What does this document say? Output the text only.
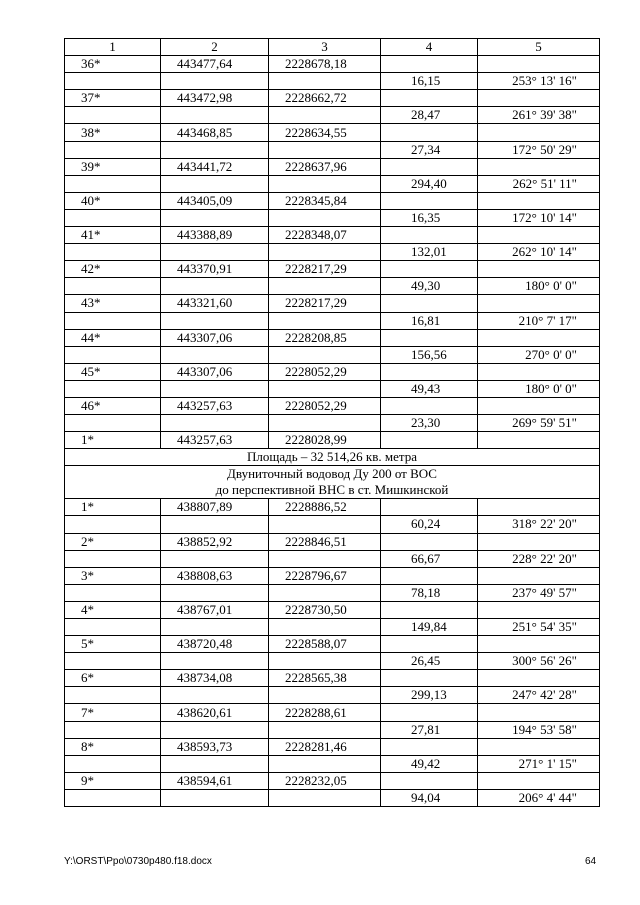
1	2	3	4	5
36*	443477,64	2228678,18		
			16,15	253° 13' 16"
37*	443472,98	2228662,72		
			28,47	261° 39' 38"
38*	443468,85	2228634,55		
			27,34	172° 50' 29"
39*	443441,72	2228637,96		
			294,40	262° 51' 11"
40*	443405,09	2228345,84		
			16,35	172° 10' 14"
41*	443388,89	2228348,07		
			132,01	262° 10' 14"
42*	443370,91	2228217,29		
			49,30	180° 0' 0"
43*	443321,60	2228217,29		
			16,81	210° 7' 17"
44*	443307,06	2228208,85		
			156,56	270° 0' 0"
45*	443307,06	2228052,29		
			49,43	180° 0' 0"
46*	443257,63	2228052,29		
			23,30	269° 59' 51"
1*	443257,63	2228028,99		

Площадь – 32 514,26 кв. метра				

Двуниточный водовод Ду 200 от ВОС
до перспективной ВНС в ст. Мишкинской				

1*	438807,89	2228886,52		
			60,24	318° 22' 20"
2*	438852,92	2228846,51		
			66,67	228° 22' 20"
3*	438808,63	2228796,67		
			78,18	237° 49' 57"
4*	438767,01	2228730,50		
			149,84	251° 54' 35"
5*	438720,48	2228588,07		
			26,45	300° 56' 26"
6*	438734,08	2228565,38		
			299,13	247° 42' 28"
7*	438620,61	2228288,61		
			27,81	194° 53' 58"
8*	438593,73	2228281,46		
			49,42	271° 1' 15"
9*	438594,61	2228232,05		
			94,04	206° 4' 44"
Y:\ORST\Ppo\0730p480.f18.docx	64
